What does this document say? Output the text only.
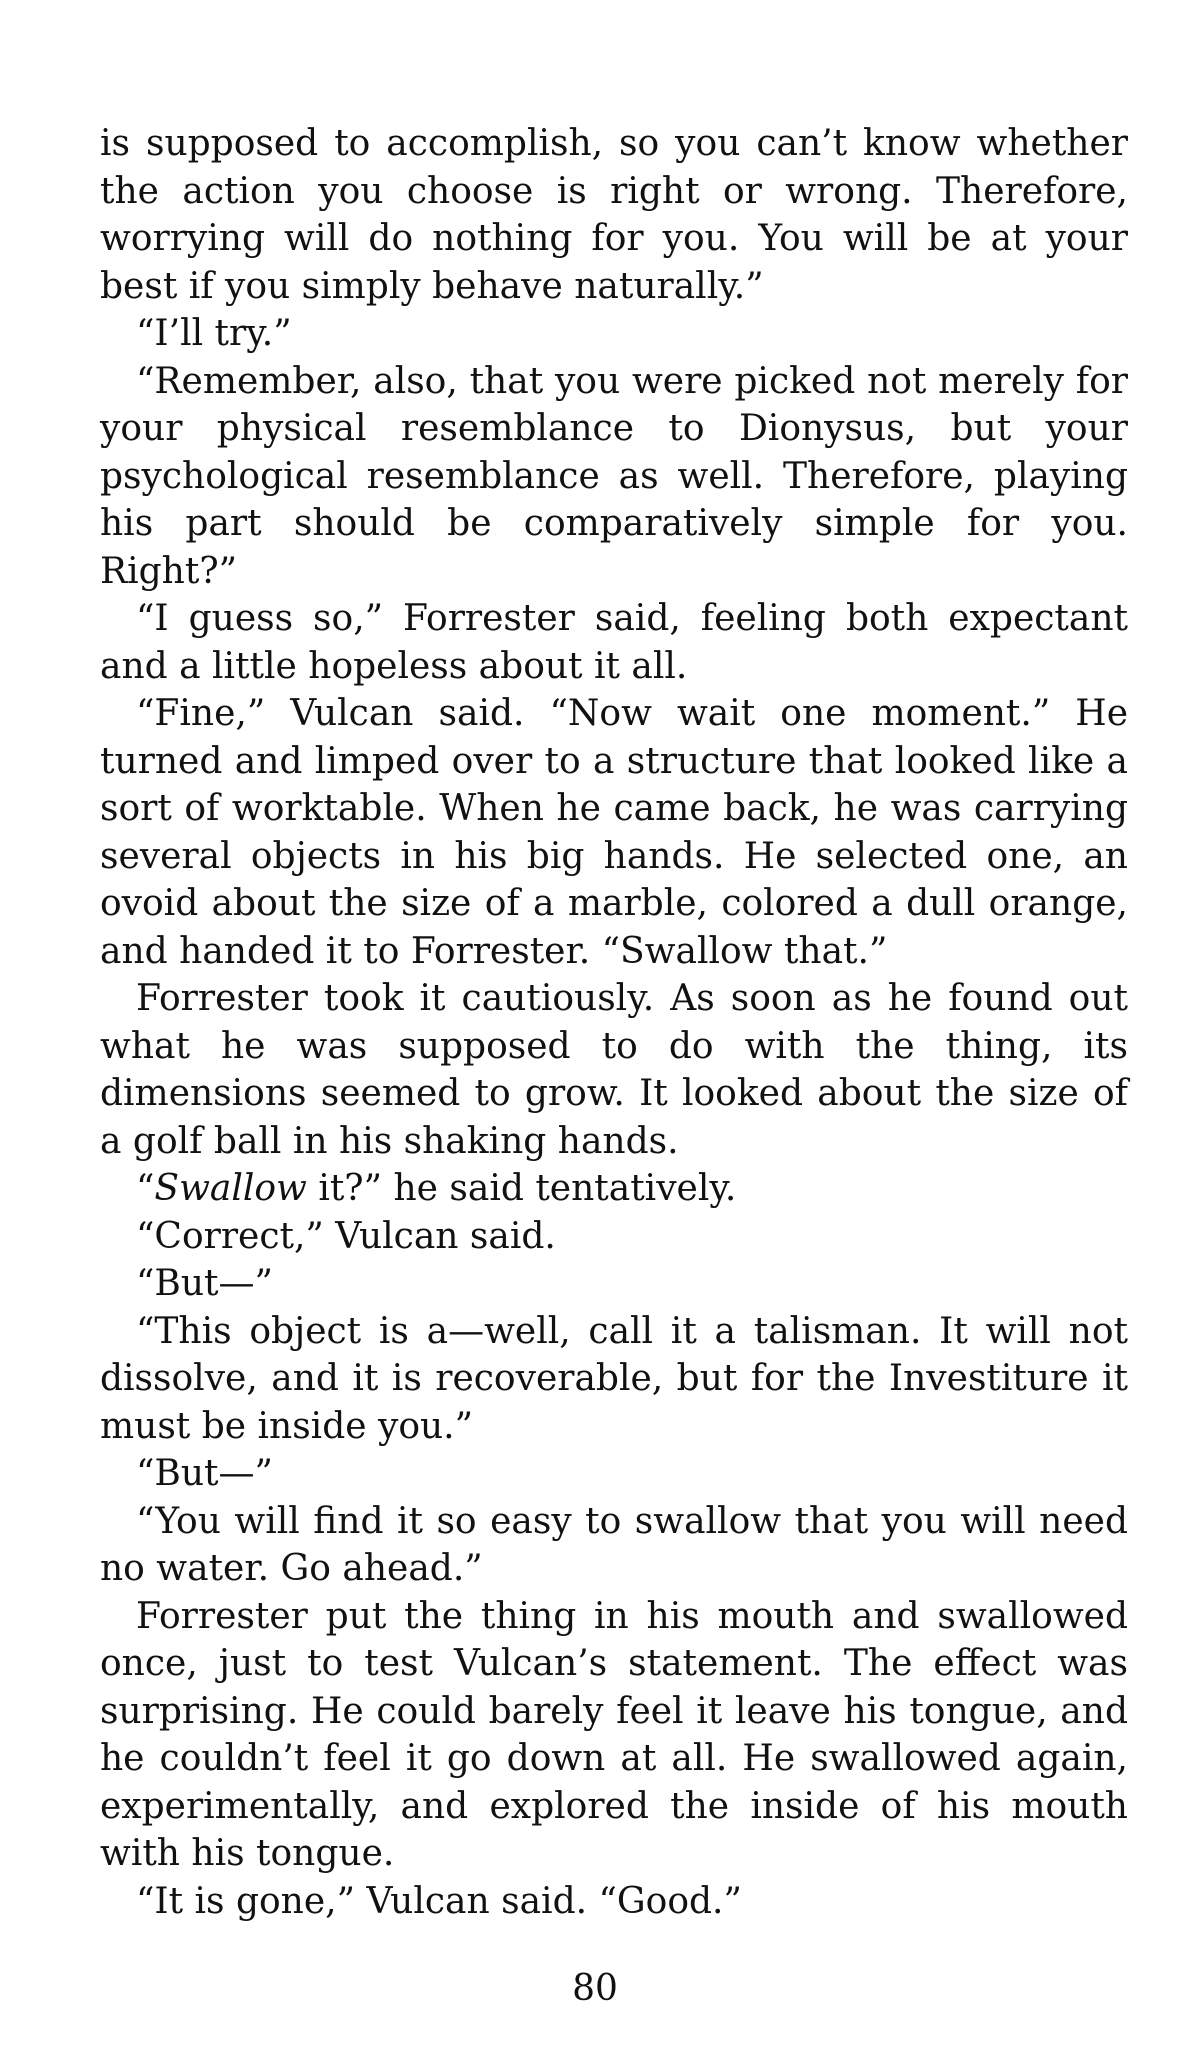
is supposed to accomplish, so you can’t know whether the action you choose is right or wrong. Therefore, worrying will do nothing for you. You will be at your best if you simply behave naturally.”

“I’ll try.”

“Remember, also, that you were picked not merely for your physical resemblance to Dionysus, but your psychological resemblance as well. Therefore, playing his part should be comparatively simple for you. Right?”

“I guess so,” Forrester said, feeling both expectant and a little hopeless about it all.

“Fine,” Vulcan said. “Now wait one moment.” He turned and limped over to a structure that looked like a sort of worktable. When he came back, he was carrying several objects in his big hands. He selected one, an ovoid about the size of a marble, colored a dull orange, and handed it to Forrester. “Swallow that.”

Forrester took it cautiously. As soon as he found out what he was supposed to do with the thing, its dimensions seemed to grow. It looked about the size of a golf ball in his shaking hands.

“Swallow it?” he said tentatively.

“Correct,” Vulcan said.

“But—”

“This object is a—well, call it a talisman. It will not dissolve, and it is recoverable, but for the Investiture it must be inside you.”

“But—”

“You will find it so easy to swallow that you will need no water. Go ahead.”

Forrester put the thing in his mouth and swallowed once, just to test Vulcan’s statement. The effect was surprising. He could barely feel it leave his tongue, and he couldn’t feel it go down at all. He swallowed again, experimentally, and explored the inside of his mouth with his tongue.

“It is gone,” Vulcan said. “Good.”

80
